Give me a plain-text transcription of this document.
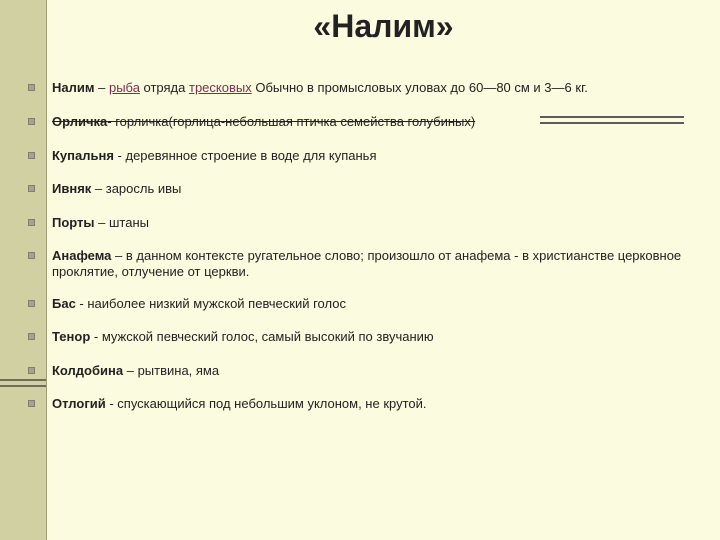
«Налим»
Налим – рыба отряда тресковых Обычно в промысловых уловах до 60—80 см и 3—6 кг.
Орличка- горличка(горлица-небольшая птичка семейства голубиных)
Купальня - деревянное строение в воде для купанья
Ивняк – заросль ивы
Порты – штаны
Анафема – в данном контексте ругательное слово; произошло от анафема - в христианстве церковное проклятие, отлучение от церкви.
Бас - наиболее низкий мужской певческий голос
Тенор - мужской певческий голос, самый высокий по звучанию
Колдобина – рытвина, яма
Отлогий - спускающийся под небольшим уклоном, не крутой.
